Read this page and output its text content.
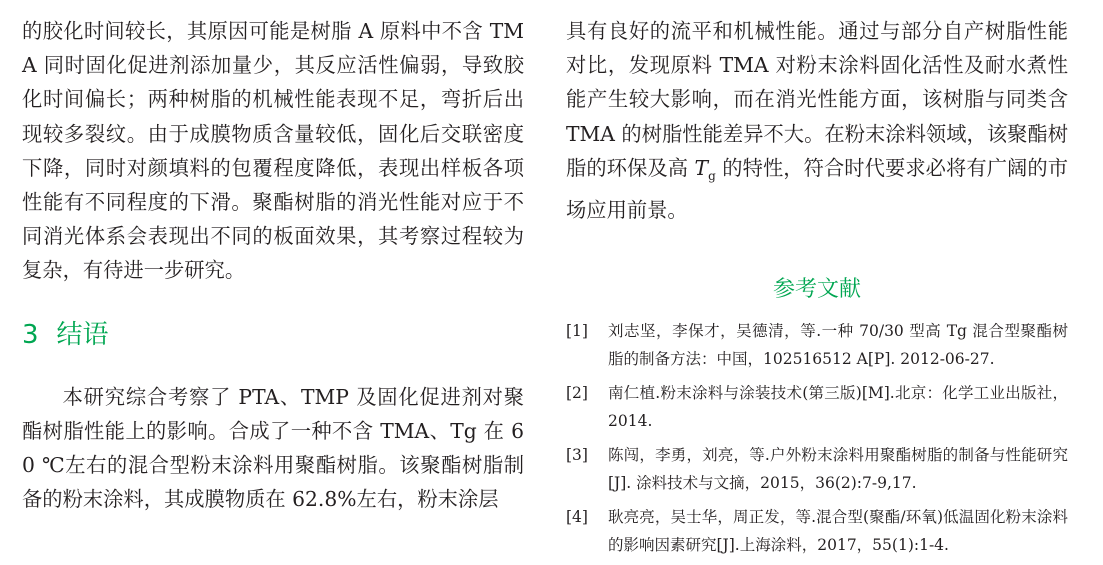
的胶化时间较长，其原因可能是树脂 A 原料中不含 TMA 同时固化促进剂添加量少，其反应活性偏弱，导致胶化时间偏长；两种树脂的机械性能表现不足，弯折后出现较多裂纹。由于成膜物质含量较低，固化后交联密度下降，同时对颜填料的包覆程度降低，表现出样板各项性能有不同程度的下滑。聚酯树脂的消光性能对应于不同消光体系会表现出不同的板面效果，其考察过程较为复杂，有待进一步研究。

3 结语

本研究综合考察了 PTA、TMP 及固化促进剂对聚酯树脂性能上的影响。合成了一种不含 TMA、Tg 在 60 ℃左右的混合型粉末涂料用聚酯树脂。该聚酯树脂制备的粉末涂料，其成膜物质在 62.8%左右，粉末涂层

具有良好的流平和机械性能。通过与部分自产树脂性能对比，发现原料 TMA 对粉末涂料固化活性及耐水煮性能产生较大影响，而在消光性能方面，该树脂与同类含 TMA 的树脂性能差异不大。在粉末涂料领域，该聚酯树脂的环保及高 $T_g$ 的特性，符合时代要求必将有广阔的市场应用前景。

参考文献
[1] 刘志坚，李保才，吴德清，等.一种 70/30 型高 Tg 混合型聚酯树脂的制备方法：中国，102516512 A[P]. 2012-06-27.
[2] 南仁植.粉末涂料与涂装技术(第三版)[M].北京：化学工业出版社，2014.
[3] 陈闯，李勇，刘亮，等.户外粉末涂料用聚酯树脂的制备与性能研究[J]. 涂料技术与文摘，2015，36(2):7-9,17.
[4] 耿亮亮，吴士华，周正发，等.混合型(聚酯/环氧)低温固化粉末涂料的影响因素研究[J].上海涂料，2017，55(1):1-4.
